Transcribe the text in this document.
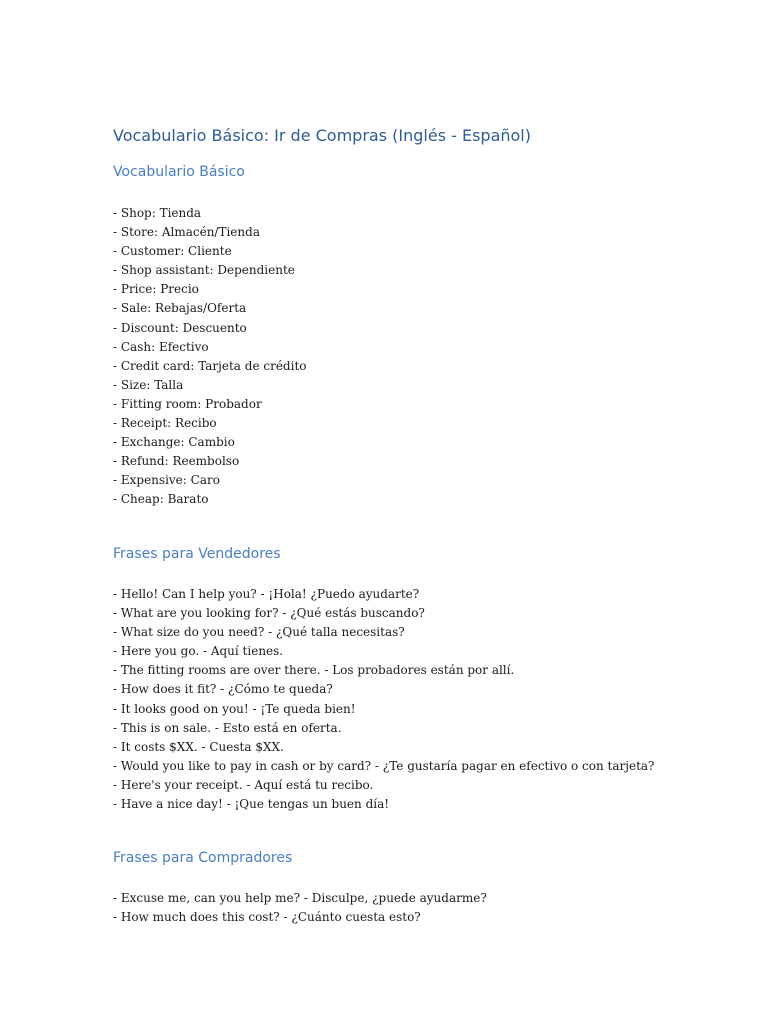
Vocabulario Básico: Ir de Compras (Inglés - Español)
Vocabulario Básico
- Shop: Tienda
- Store: Almacén/Tienda
- Customer: Cliente
- Shop assistant: Dependiente
- Price: Precio
- Sale: Rebajas/Oferta
- Discount: Descuento
- Cash: Efectivo
- Credit card: Tarjeta de crédito
- Size: Talla
- Fitting room: Probador
- Receipt: Recibo
- Exchange: Cambio
- Refund: Reembolso
- Expensive: Caro
- Cheap: Barato
Frases para Vendedores
- Hello! Can I help you? - ¡Hola! ¿Puedo ayudarte?
- What are you looking for? - ¿Qué estás buscando?
- What size do you need? - ¿Qué talla necesitas?
- Here you go. - Aquí tienes.
- The fitting rooms are over there. - Los probadores están por allí.
- How does it fit? - ¿Cómo te queda?
- It looks good on you! - ¡Te queda bien!
- This is on sale. - Esto está en oferta.
- It costs $XX. - Cuesta $XX.
- Would you like to pay in cash or by card? - ¿Te gustaría pagar en efectivo o con tarjeta?
- Here's your receipt. - Aquí está tu recibo.
- Have a nice day! - ¡Que tengas un buen día!
Frases para Compradores
- Excuse me, can you help me? - Disculpe, ¿puede ayudarme?
- How much does this cost? - ¿Cuánto cuesta esto?
